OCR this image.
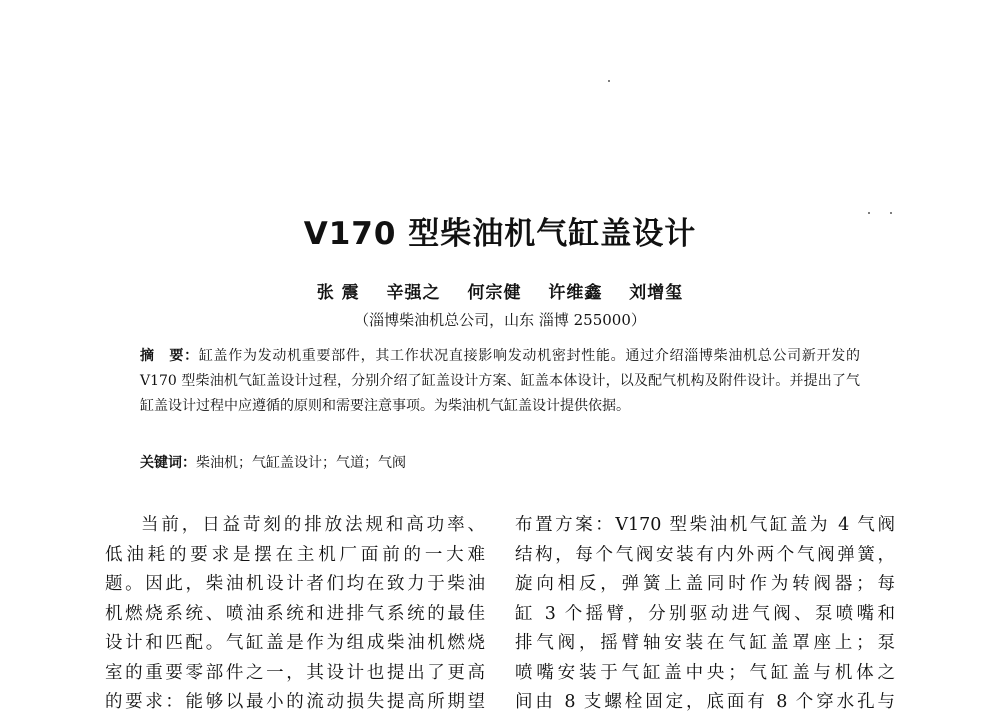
V170 型柴油机气缸盖设计
张 震 辛强之 何宗健 许维鑫 刘增玺
（淄博柴油机总公司，山东 淄博 255000）
摘　要：缸盖作为发动机重要部件，其工作状况直接影响发动机密封性能。通过介绍淄博柴油机总公司新开发的 V170 型柴油机气缸盖设计过程，分别介绍了缸盖设计方案、缸盖本体设计，以及配气机构及附件设计。并提出了气缸盖设计过程中应遵循的原则和需要注意事项。为柴油机气缸盖设计提供依据。
关键词：柴油机；气缸盖设计；气道；气阀
当前，日益苛刻的排放法规和高功率、
低油耗的要求是摆在主机厂面前的一大难
题。因此，柴油机设计者们均在致力于柴油
机燃烧系统、喷油系统和进排气系统的最佳
设计和匹配。气缸盖是作为组成柴油机燃烧
室的重要零部件之一，其设计也提出了更高
的要求：能够以最小的流动损失提高所期望
布置方案：V170 型柴油机气缸盖为 4 气阀
结构，每个气阀安装有内外两个气阀弹簧，
旋向相反，弹簧上盖同时作为转阀器；每
缸 3 个摇臂，分别驱动进气阀、泵喷嘴和
排气阀，摇臂轴安装在气缸盖罩座上；泵
喷嘴安装于气缸盖中央；气缸盖与机体之
间由 8 支螺栓固定，底面有 8 个穿水孔与
